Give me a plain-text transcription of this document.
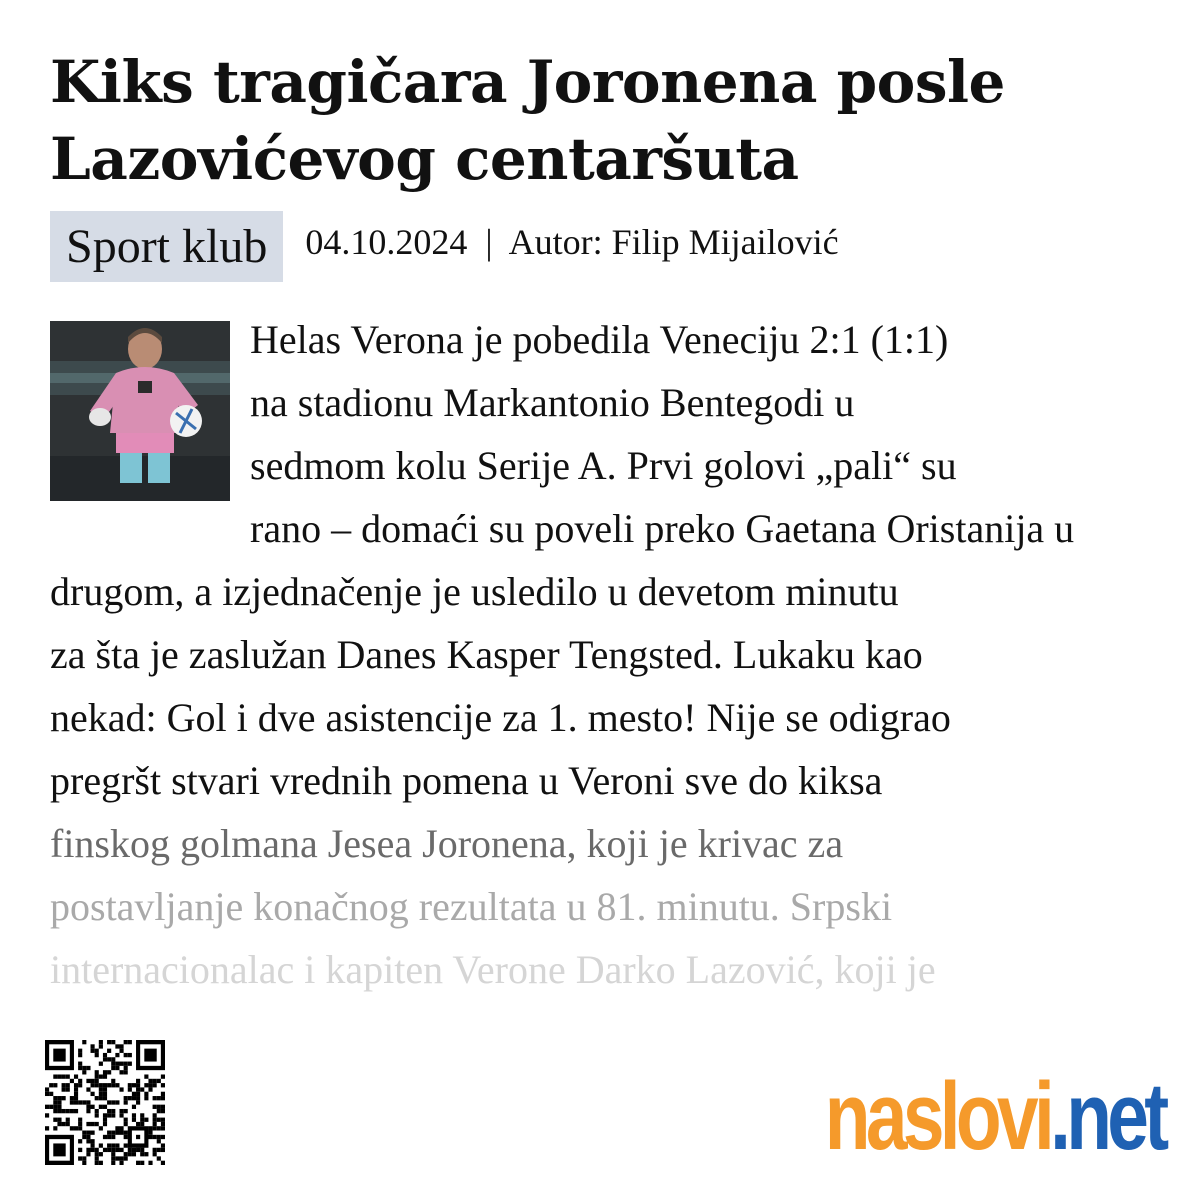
Kiks tragičara Joronena posle
Lazovićevog centaršuta
Sport klub	04.10.2024 | Autor: Filip Mijailović
Helas Verona je pobedila Veneciju 2:1 (1:1)
na stadionu Markantonio Bentegodi u
sedmom kolu Serije A. Prvi golovi „pali“ su
rano – domaći su poveli preko Gaetana Oristanija u
drugom, a izjednačenje je usledilo u devetom minutu
za šta je zaslužan Danes Kasper Tengsted. Lukaku kao
nekad: Gol i dve asistencije za 1. mesto! Nije se odigrao
pregršt stvari vrednih pomena u Veroni sve do kiksa
finskog golmana Jesea Joronena, koji je krivac za
postavljanje konačnog rezultata u 81. minutu. Srpski
internacionalac i kapiten Verone Darko Lazović, koji je
naslovi.net
